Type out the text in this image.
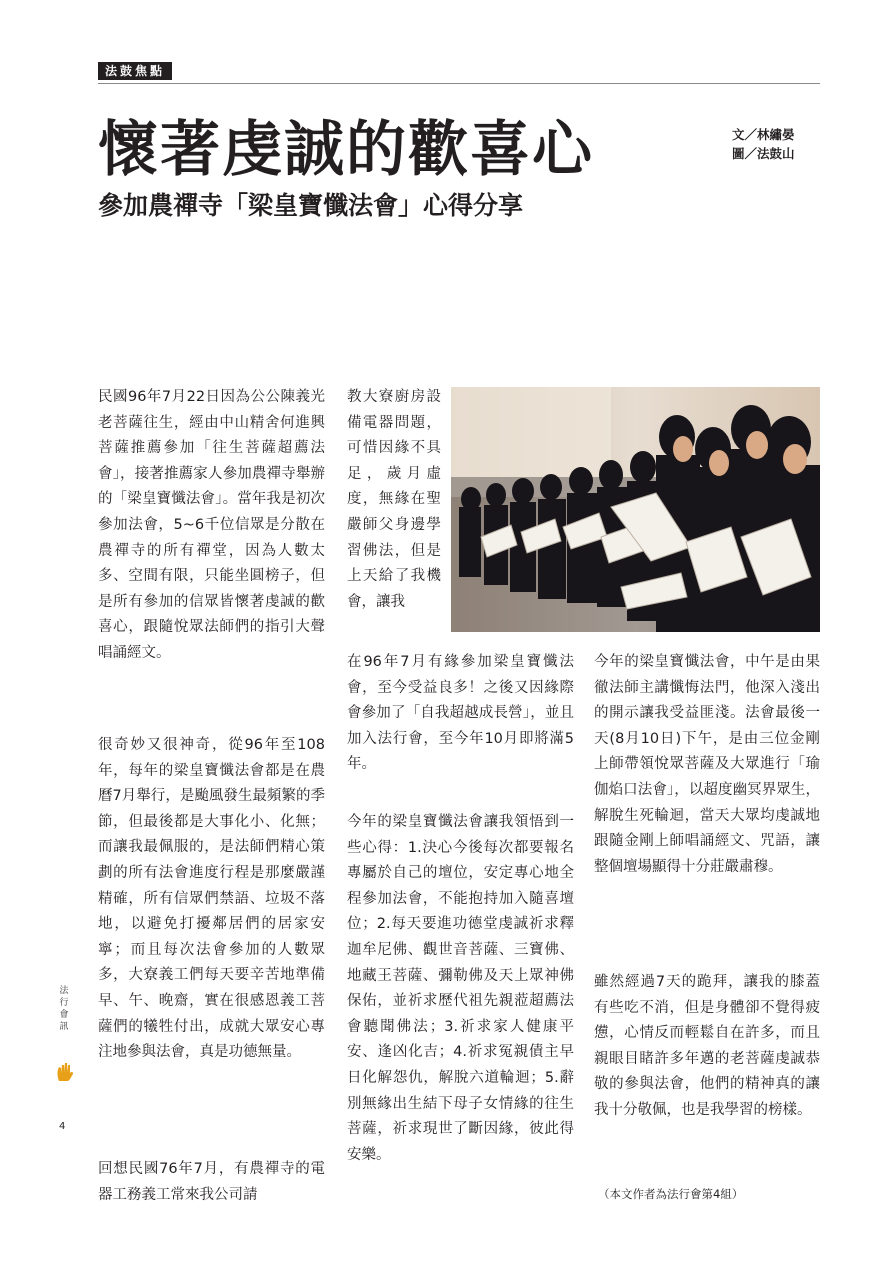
法鼓焦點
懷著虔誠的歡喜心
參加農禪寺「梁皇寶懺法會」心得分享
文／林繡晏
圖／法鼓山

民國96年7月22日因為公公陳義光老菩薩往生，經由中山精舍何進興菩薩推薦參加「往生菩薩超薦法會」，接著推薦家人參加農禪寺舉辦的「梁皇寶懺法會」。當年我是初次參加法會，5~6千位信眾是分散在農禪寺的所有禪堂，因為人數太多、空間有限，只能坐圓榜子，但是所有參加的信眾皆懷著虔誠的歡喜心，跟隨悅眾法師們的指引大聲唱誦經文。

很奇妙又很神奇，從96年至108年，每年的梁皇寶懺法會都是在農曆7月舉行，是颱風發生最頻繁的季節，但最後都是大事化小、化無；而讓我最佩服的，是法師們精心策劃的所有法會進度行程是那麼嚴謹精確，所有信眾們禁語、垃圾不落地，以避免打擾鄰居們的居家安寧；而且每次法會參加的人數眾多，大寮義工們每天要辛苦地準備早、午、晚齋，實在很感恩義工菩薩們的犧牲付出，成就大眾安心專注地參與法會，真是功德無量。

回想民國76年7月，有農禪寺的電器工務義工常來我公司請

教大寮廚房設備電器問題，可惜因緣不具足，歲月虛度，無緣在聖嚴師父身邊學習佛法，但是上天給了我機會，讓我

在96年7月有緣參加梁皇寶懺法會，至今受益良多！之後又因緣際會參加了「自我超越成長營」，並且加入法行會，至今年10月即將滿5年。

今年的梁皇寶懺法會讓我領悟到一些心得：1.決心今後每次都要報名專屬於自己的壇位，安定專心地全程參加法會，不能抱持加入隨喜壇位；2.每天要進功德堂虔誠祈求釋迦牟尼佛、觀世音菩薩、三寶佛、地藏王菩薩、彌勒佛及天上眾神佛保佑，並祈求歷代祖先親蒞超薦法會聽聞佛法；3.祈求家人健康平安、逢凶化吉；4.祈求冤親債主早日化解怨仇，解脫六道輪迴；5.辭別無緣出生結下母子女情緣的往生菩薩，祈求現世了斷因緣，彼此得安樂。

今年的梁皇寶懺法會，中午是由果徹法師主講懺悔法門，他深入淺出的開示讓我受益匪淺。法會最後一天(8月10日)下午，是由三位金剛上師帶領悅眾菩薩及大眾進行「瑜伽焰口法會」，以超度幽冥界眾生，解脫生死輪迴，當天大眾均虔誠地跟隨金剛上師唱誦經文、咒語，讓整個壇場顯得十分莊嚴肅穆。

雖然經過7天的跪拜，讓我的膝蓋有些吃不消，但是身體卻不覺得疲憊，心情反而輕鬆自在許多，而且親眼目睹許多年邁的老菩薩虔誠恭敬的參與法會，他們的精神真的讓我十分敬佩，也是我學習的榜樣。

（本文作者為法行會第4組）
法行會訊
4
